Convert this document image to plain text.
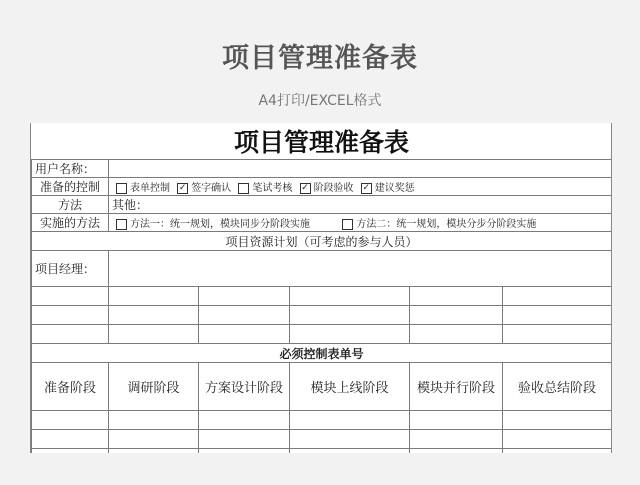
项目管理准备表
A4打印/EXCEL格式
项目管理准备表					
用户名称：					
准备的控制	表单控制 ✓ 签字确认 笔试考核 ✓ 阶段验收 ✓ 建议奖惩				
方法	其他：				
实施的方法	方法一：统一规划，模块同步分阶段实施 方法二：统一规划，模块分步分阶段实施				
项目资源计划（可考虑的参与人员）					
项目经理：					

必须控制表单号					
准备阶段	调研阶段	方案设计阶段	模块上线阶段	模块并行阶段	验收总结阶段
